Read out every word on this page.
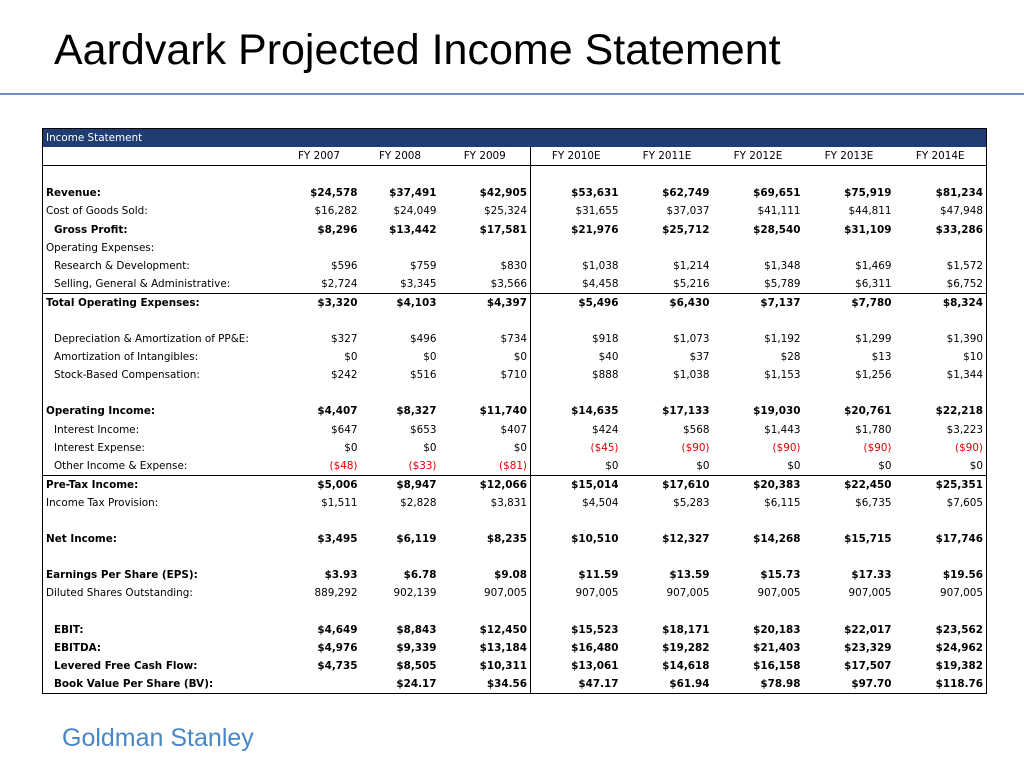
Aardvark Projected Income Statement
Income Statement								
	FY 2007	FY 2008	FY 2009	FY 2010E	FY 2011E	FY 2012E	FY 2013E	FY 2014E

Revenue:	$24,578	$37,491	$42,905	$53,631	$62,749	$69,651	$75,919	$81,234
Cost of Goods Sold:	$16,282	$24,049	$25,324	$31,655	$37,037	$41,111	$44,811	$47,948
Gross Profit:	$8,296	$13,442	$17,581	$21,976	$25,712	$28,540	$31,109	$33,286
Operating Expenses:								
Research & Development:	$596	$759	$830	$1,038	$1,214	$1,348	$1,469	$1,572
Selling, General & Administrative:	$2,724	$3,345	$3,566	$4,458	$5,216	$5,789	$6,311	$6,752
Total Operating Expenses:	$3,320	$4,103	$4,397	$5,496	$6,430	$7,137	$7,780	$8,324

Depreciation & Amortization of PP&E:	$327	$496	$734	$918	$1,073	$1,192	$1,299	$1,390
Amortization of Intangibles:	$0	$0	$0	$40	$37	$28	$13	$10
Stock-Based Compensation:	$242	$516	$710	$888	$1,038	$1,153	$1,256	$1,344

Operating Income:	$4,407	$8,327	$11,740	$14,635	$17,133	$19,030	$20,761	$22,218
Interest Income:	$647	$653	$407	$424	$568	$1,443	$1,780	$3,223
Interest Expense:	$0	$0	$0	($45)	($90)	($90)	($90)	($90)
Other Income & Expense:	($48)	($33)	($81)	$0	$0	$0	$0	$0
Pre-Tax Income:	$5,006	$8,947	$12,066	$15,014	$17,610	$20,383	$22,450	$25,351
Income Tax Provision:	$1,511	$2,828	$3,831	$4,504	$5,283	$6,115	$6,735	$7,605

Net Income:	$3,495	$6,119	$8,235	$10,510	$12,327	$14,268	$15,715	$17,746

Earnings Per Share (EPS):	$3.93	$6.78	$9.08	$11.59	$13.59	$15.73	$17.33	$19.56
Diluted Shares Outstanding:	889,292	902,139	907,005	907,005	907,005	907,005	907,005	907,005

EBIT:	$4,649	$8,843	$12,450	$15,523	$18,171	$20,183	$22,017	$23,562
EBITDA:	$4,976	$9,339	$13,184	$16,480	$19,282	$21,403	$23,329	$24,962
Levered Free Cash Flow:	$4,735	$8,505	$10,311	$13,061	$14,618	$16,158	$17,507	$19,382
Book Value Per Share (BV):		$24.17	$34.56	$47.17	$61.94	$78.98	$97.70	$118.76
Goldman Stanley
